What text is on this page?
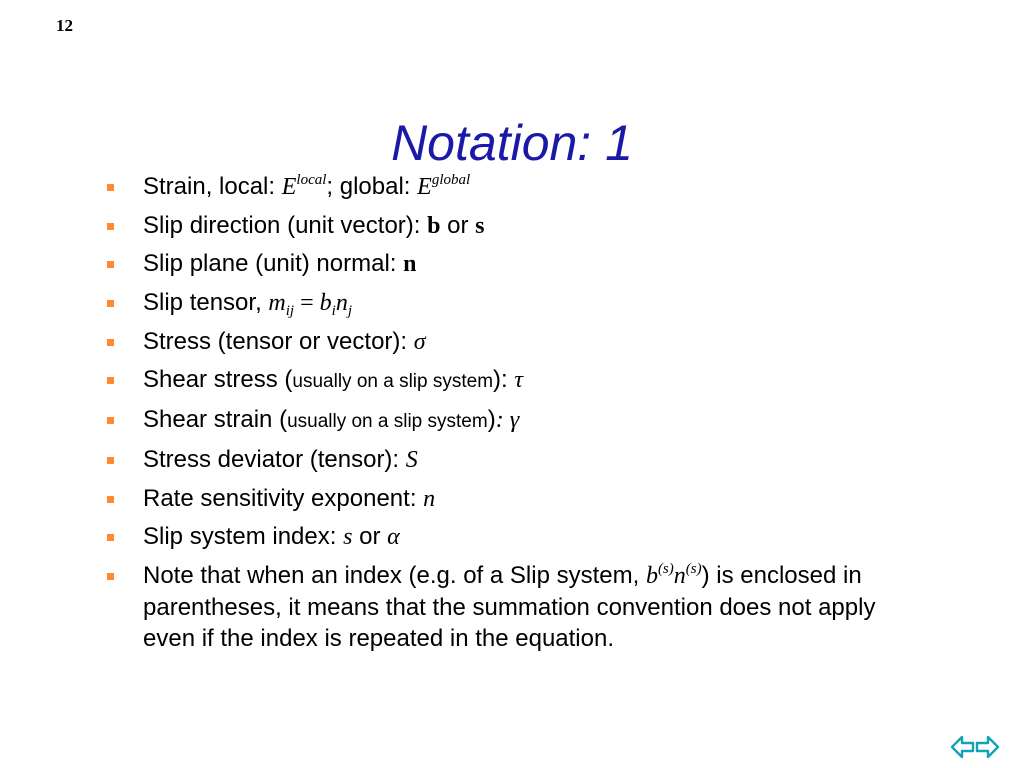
12
Notation: 1
Strain, local: $E^{local}$; global: $E^{global}$
Slip direction (unit vector): b or s
Slip plane (unit) normal: n
Slip tensor, $m_{ij} = b_in_j$
Stress (tensor or vector): σ
Shear stress (usually on a slip system): τ
Shear strain (usually on a slip system): γ
Stress deviator (tensor): S
Rate sensitivity exponent: n
Slip system index: s or α
Note that when an index (e.g. of a Slip system, $b^{(s)}n^{(s)}$) is enclosed in parentheses, it means that the summation convention does not apply even if the index is repeated in the equation.
